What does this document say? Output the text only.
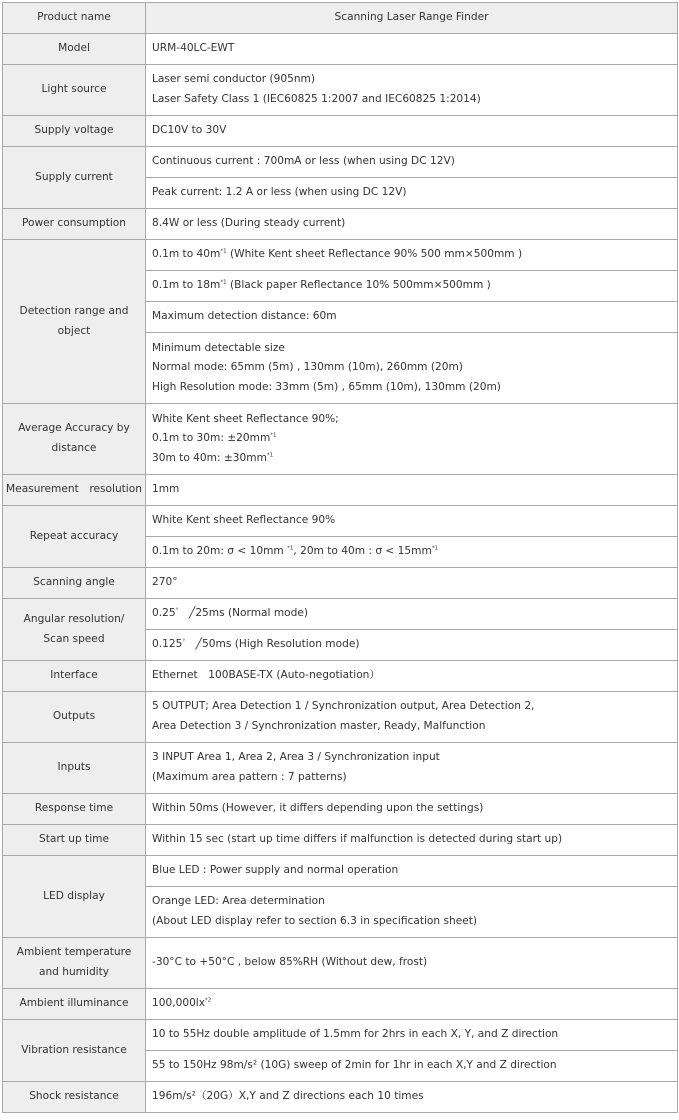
Product name	Scanning Laser Range Finder
Model	URM-40LC-EWT
Light source	Laser semi conductor (905nm)
Laser Safety Class 1 (IEC60825 1:2007 and IEC60825 1:2014)

Supply voltage	DC10V to 30V
Supply current	Continuous current : 700mA or less (when using DC 12V)
	Peak current: 1.2 A or less (when using DC 12V)
Power consumption	8.4W or less (During steady current)

Detection range and
object	0.1m to $40m^{*1}$ (White Kent sheet Reflectance 90% 500 mm×500mm )
	0.1m to $18m^{*1}$ (Black paper Reflectance 10% 500mm×500mm )
	Maximum detection distance: 60m

	Minimum detectable size
Normal mode: 65mm (5m) , 130mm (10m), 260mm (20m)
High Resolution mode: 33mm (5m) , 65mm (10m), 130mm (20m)

Average Accuracy by
distance	White Kent sheet Reflectance 90%;
0.1m to 30m: $\pm 20mm^{*1}$
30m to 40m: $\pm 30mm^{*1}$

Measurement　resolution	1mm
Repeat accuracy	White Kent sheet Reflectance 90%
	0.1m to 20m: σ < 10mm $^{*1}$, 20m to 40m : $\sigma < 15mm^{*1}$
Scanning angle	270°

Angular resolution/
Scan speed	0.25°　╱25ms (Normal mode)
	0.125°　╱50ms (High Resolution mode)
Interface	Ethernet　100BASE-TX (Auto-negotiation）
Outputs	5 OUTPUT; Area Detection 1 / Synchronization output, Area Detection 2,
Area Detection 3 / Synchronization master, Ready, Malfunction

Inputs	3 INPUT Area 1, Area 2, Area 3 / Synchronization input
(Maximum area pattern : 7 patterns)

Response time	Within 50ms (However, it differs depending upon the settings)
Start up time	Within 15 sec (start up time differs if malfunction is detected during start up)
LED display	Blue LED : Power supply and normal operation

	Orange LED: Area determination
(About LED display refer to section 6.3 in specification sheet)

Ambient temperature
and humidity	-30°C to +50°C , below 85%RH (Without dew, frost)
Ambient illuminance	$100,000lx^{*2}$
Vibration resistance	10 to 55Hz double amplitude of 1.5mm for 2hrs in each X, Y, and Z direction
	55 to 150Hz 98m/s² (10G) sweep of 2min for 1hr in each X,Y and Z direction
Shock resistance	196m/s²（20G）X,Y and Z directions each 10 times
